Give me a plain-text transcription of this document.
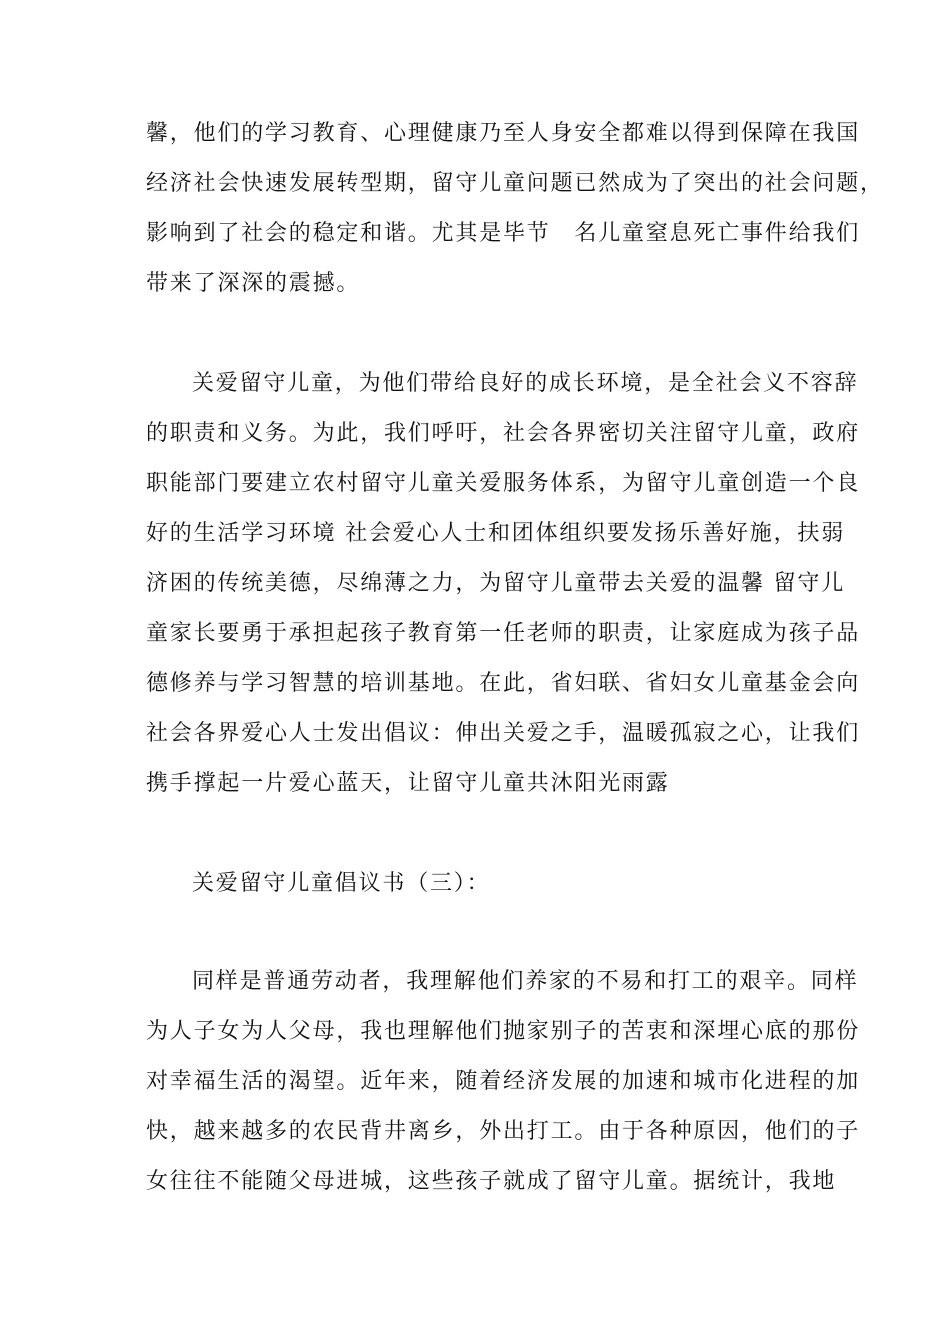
馨，他们的学习教育、心理健康乃至人身安全都难以得到保障在我国
经济社会快速发展转型期，留守儿童问题已然成为了突出的社会问题，
影响到了社会的稳定和谐。尤其是毕节　名儿童窒息死亡事件给我们
带来了深深的震撼。
关爱留守儿童，为他们带给良好的成长环境，是全社会义不容辞
的职责和义务。为此，我们呼吁，社会各界密切关注留守儿童，政府
职能部门要建立农村留守儿童关爱服务体系，为留守儿童创造一个良
好的生活学习环境 社会爱心人士和团体组织要发扬乐善好施，扶弱
济困的传统美德，尽绵薄之力，为留守儿童带去关爱的温馨 留守儿
童家长要勇于承担起孩子教育第一任老师的职责，让家庭成为孩子品
德修养与学习智慧的培训基地。在此，省妇联、省妇女儿童基金会向
社会各界爱心人士发出倡议：伸出关爱之手，温暖孤寂之心，让我们
携手撑起一片爱心蓝天，让留守儿童共沐阳光雨露
关爱留守儿童倡议书（三）：
同样是普通劳动者，我理解他们养家的不易和打工的艰辛。同样
为人子女为人父母，我也理解他们抛家别子的苦衷和深埋心底的那份
对幸福生活的渴望。近年来，随着经济发展的加速和城市化进程的加
快，越来越多的农民背井离乡，外出打工。由于各种原因，他们的子
女往往不能随父母进城，这些孩子就成了留守儿童。据统计，我地
